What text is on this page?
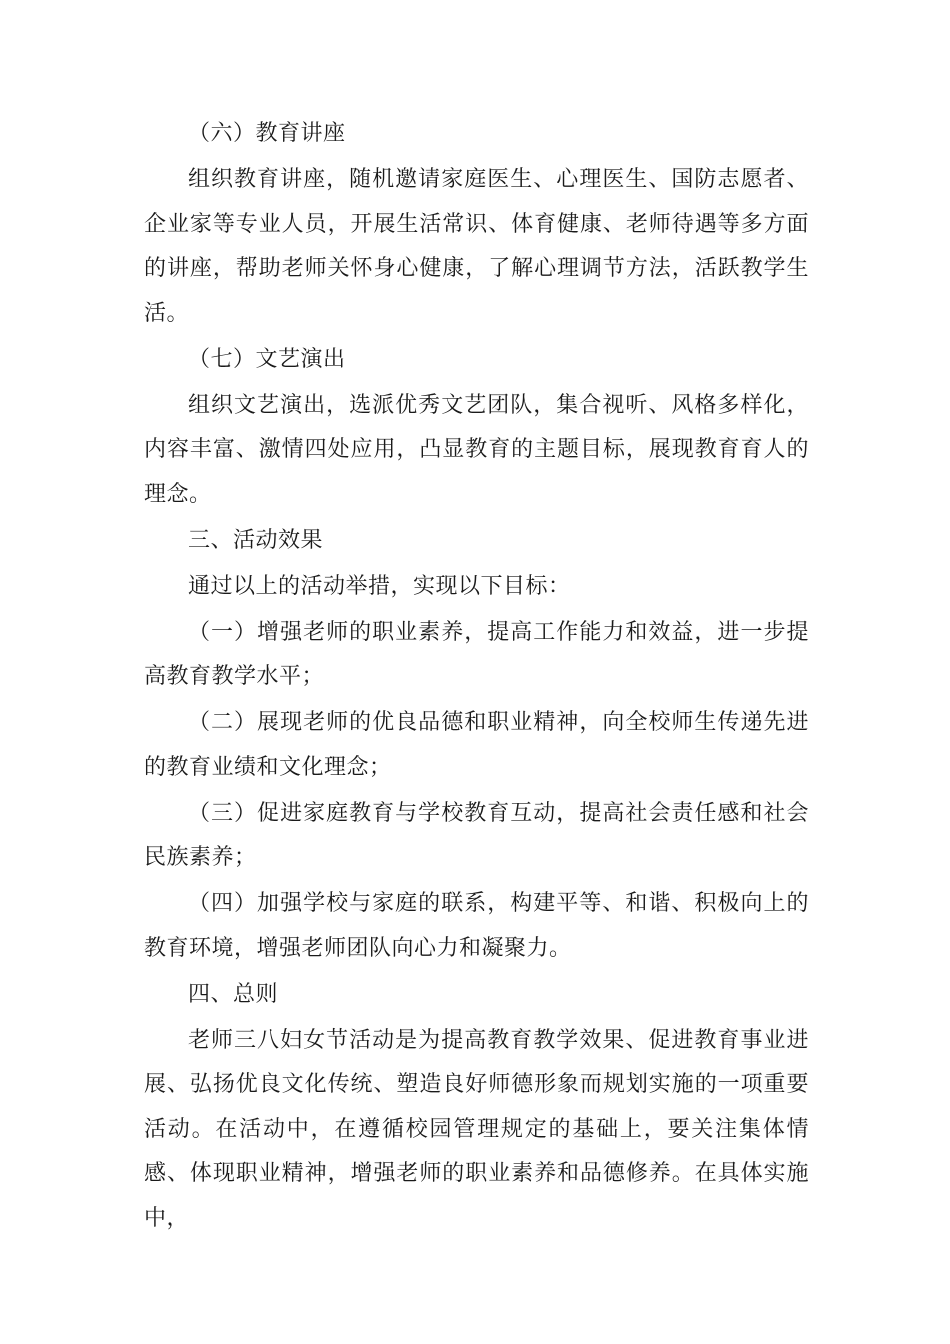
（六）教育讲座

组织教育讲座，随机邀请家庭医生、心理医生、国防志愿者、企业家等专业人员，开展生活常识、体育健康、老师待遇等多方面的讲座，帮助老师关怀身心健康，了解心理调节方法，活跃教学生活。

（七）文艺演出

组织文艺演出，选派优秀文艺团队，集合视听、风格多样化，内容丰富、激情四处应用，凸显教育的主题目标，展现教育育人的理念。

三、活动效果

通过以上的活动举措，实现以下目标：

（一）增强老师的职业素养，提高工作能力和效益，进一步提高教育教学水平；

（二）展现老师的优良品德和职业精神，向全校师生传递先进的教育业绩和文化理念；

（三）促进家庭教育与学校教育互动，提高社会责任感和社会民族素养；

（四）加强学校与家庭的联系，构建平等、和谐、积极向上的教育环境，增强老师团队向心力和凝聚力。

四、总则

老师三八妇女节活动是为提高教育教学效果、促进教育事业进展、弘扬优良文化传统、塑造良好师德形象而规划实施的一项重要活动。在活动中，在遵循校园管理规定的基础上，要关注集体情感、体现职业精神，增强老师的职业素养和品德修养。在具体实施中，
